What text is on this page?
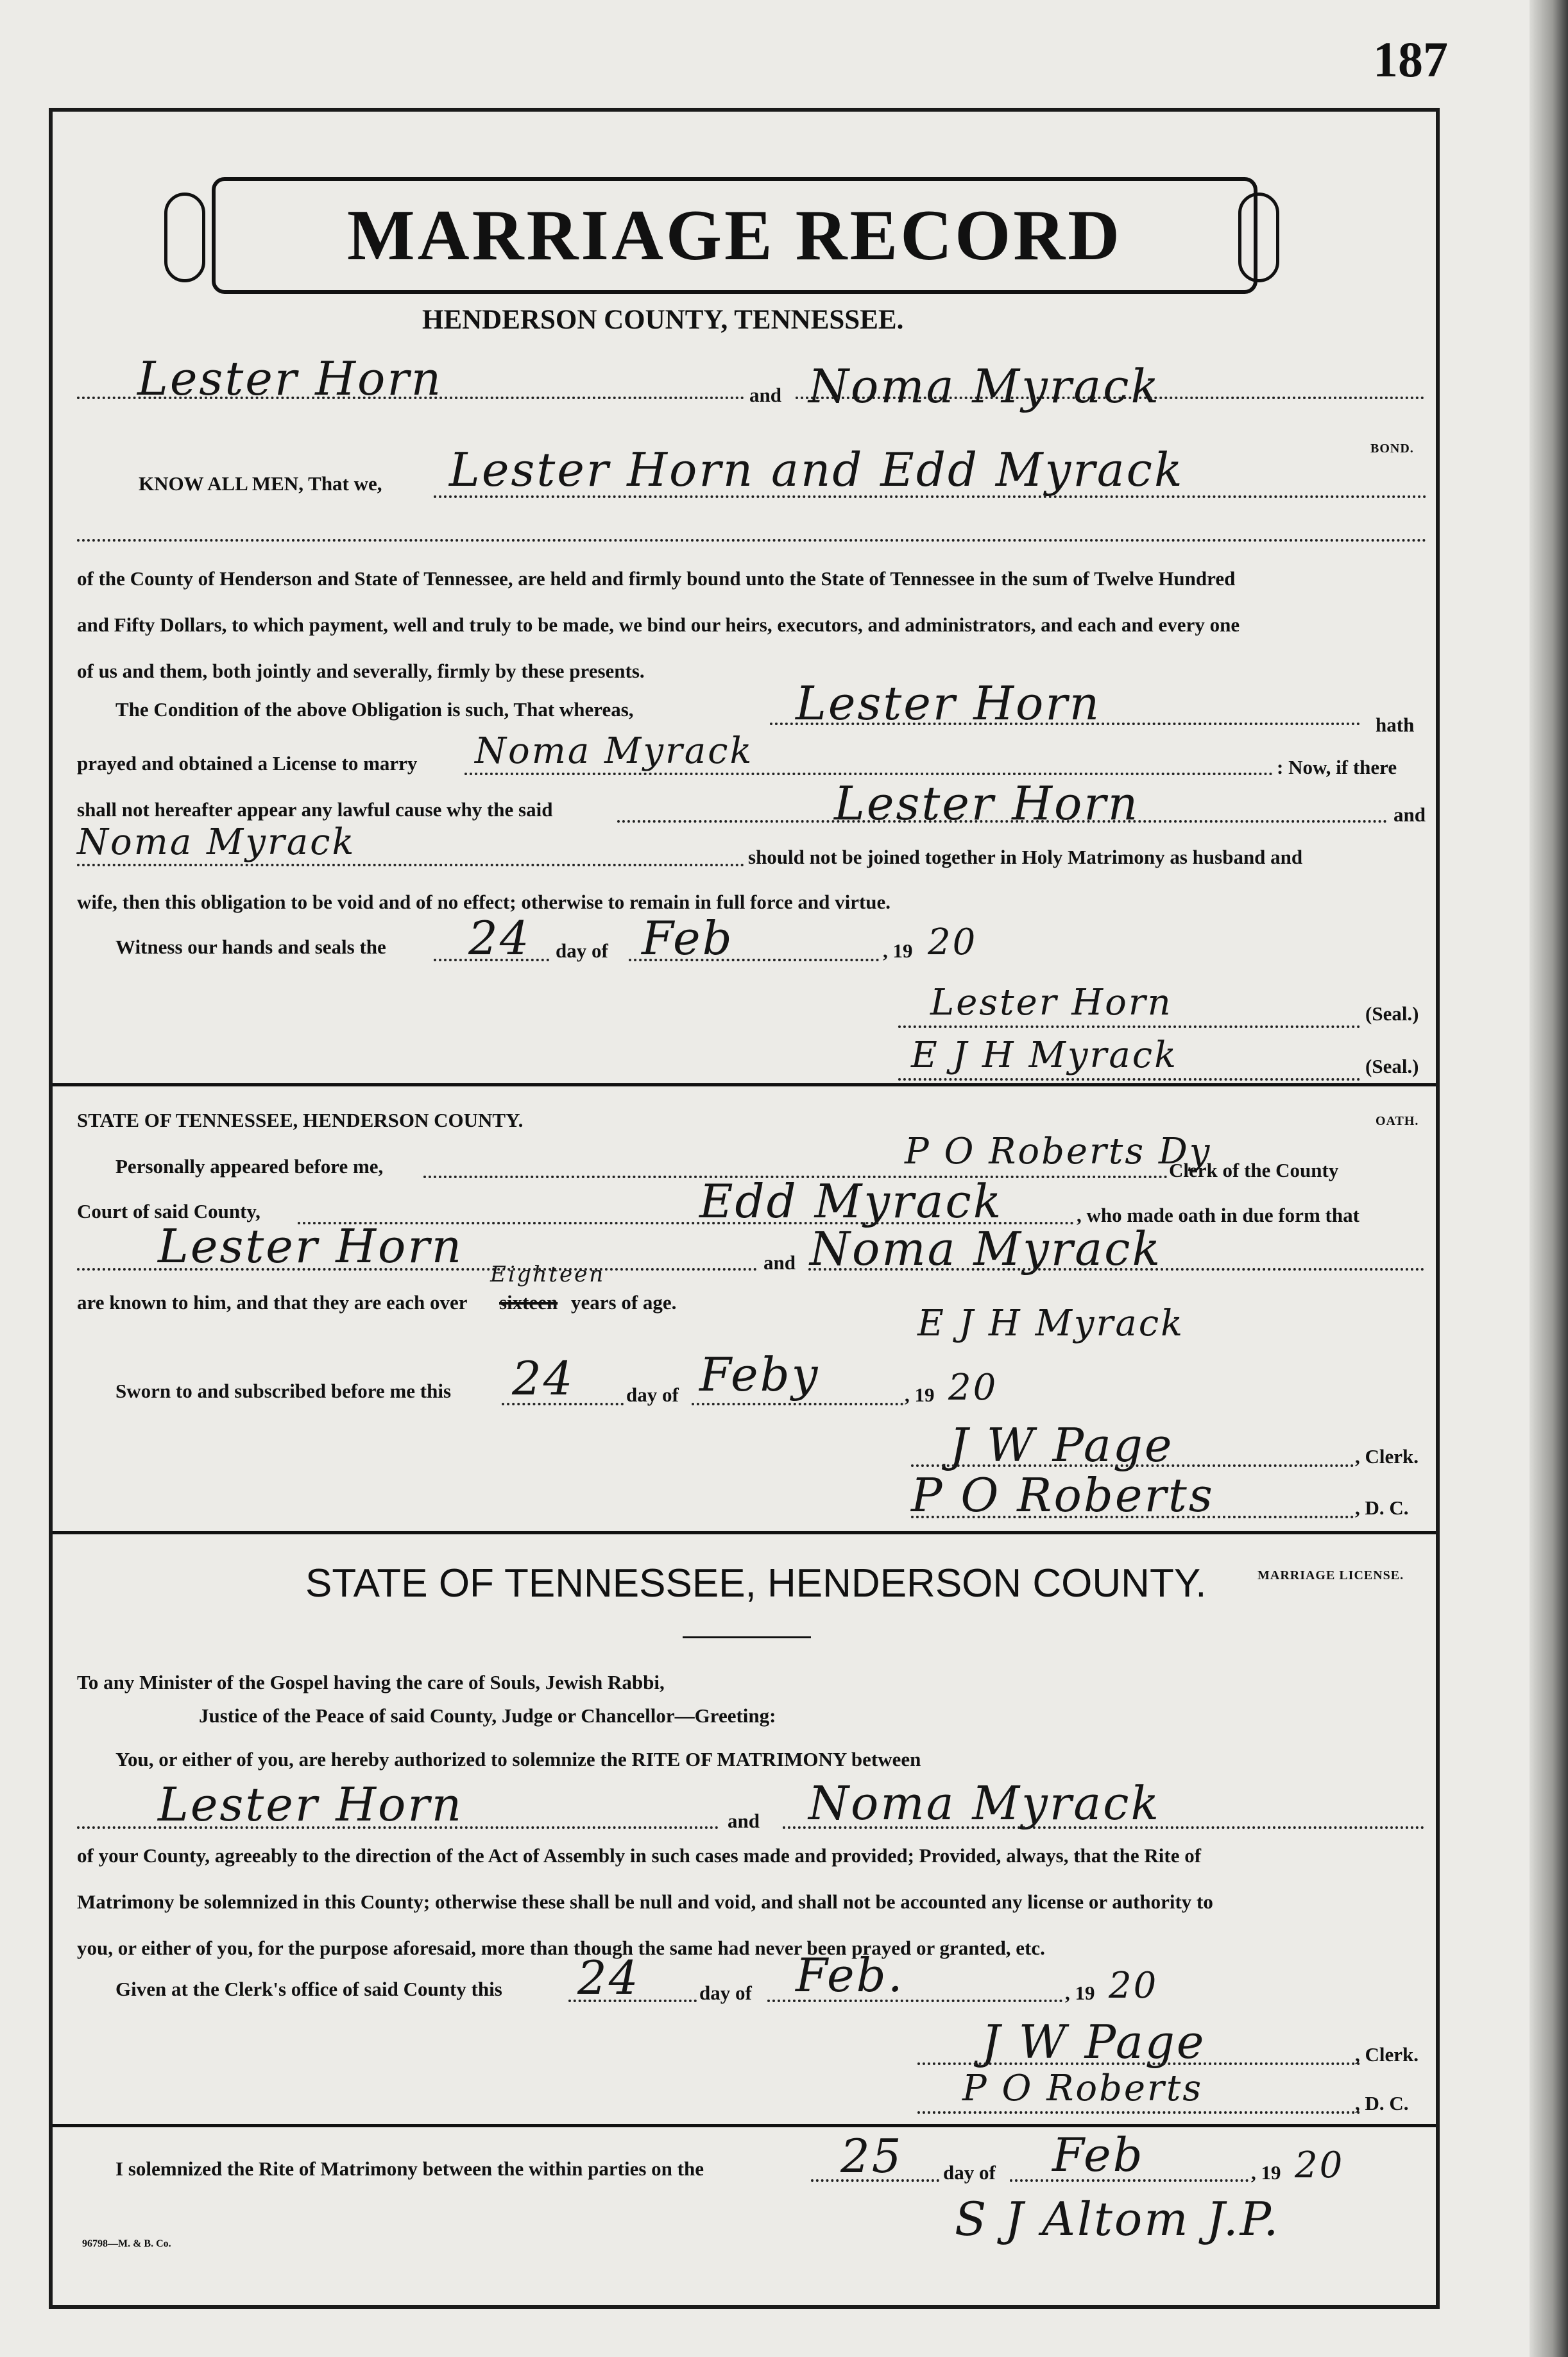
187
MARRIAGE RECORD
HENDERSON COUNTY, TENNESSEE.
Lester Horn	and Noma Myrack
BOND.
KNOW ALL MEN, That we, Lester Horn and Edd Myrack
of the County of Henderson and State of Tennessee, are held and firmly bound unto the State of Tennessee in the sum of Twelve Hundred
and Fifty Dollars, to which payment, well and truly to be made, we bind our heirs, executors, and administrators, and each and every one
of us and them, both jointly and severally, firmly by these presents.
The Condition of the above Obligation is such, That whereas,	Lester Horn	hath
prayed and obtained a License to marry Noma Myrack	: Now, if there
shall not hereafter appear any lawful cause why the said	Lester Horn	and
Noma Myrack	should not be joined together in Holy Matrimony as husband and
wife, then this obligation to be void and of no effect; otherwise to remain in full force and virtue.
Witness our hands and seals the 24 day of Feb	, 19 20
Lester Horn	(Seal.)
E J H Myrack	(Seal.)
STATE OF TENNESSEE, HENDERSON COUNTY.	OATH.
Personally appeared before me,	P O Roberts Dy
Clerk of the County
Court of said County,	Edd Myrack	, who made oath in due form that
Lester Horn	and Noma Myrack
are known to him, and that they are each over
Eighteen
sixteen years of age.
E J H Myrack
Sworn to and subscribed before me this 24	day of Feby	, 19 20
J W Page	, Clerk.
P O Roberts	, D. C.
STATE OF TENNESSEE, HENDERSON COUNTY.	MARRIAGE LICENSE.
To any Minister of the Gospel having the care of Souls, Jewish Rabbi,
Justice of the Peace of said County, Judge or Chancellor—Greeting:
You, or either of you, are hereby authorized to solemnize the RITE OF MATRIMONY between
Lester Horn	and Noma Myrack
of your County, agreeably to the direction of the Act of Assembly in such cases made and provided; Provided, always, that the Rite of
Matrimony be solemnized in this County; otherwise these shall be null and void, and shall not be accounted any license or authority to
you, or either of you, for the purpose aforesaid, more than though the same had never been prayed or granted, etc.
Given at the Clerk's office of said County this 24	day of Feb.	, 19 20
J W Page	, Clerk.
P O Roberts	, D. C.
I solemnized the Rite of Matrimony between the within parties on the	25 day of Feb	, 19 20
S J Altom J.P.
96798—M. & B. Co.
